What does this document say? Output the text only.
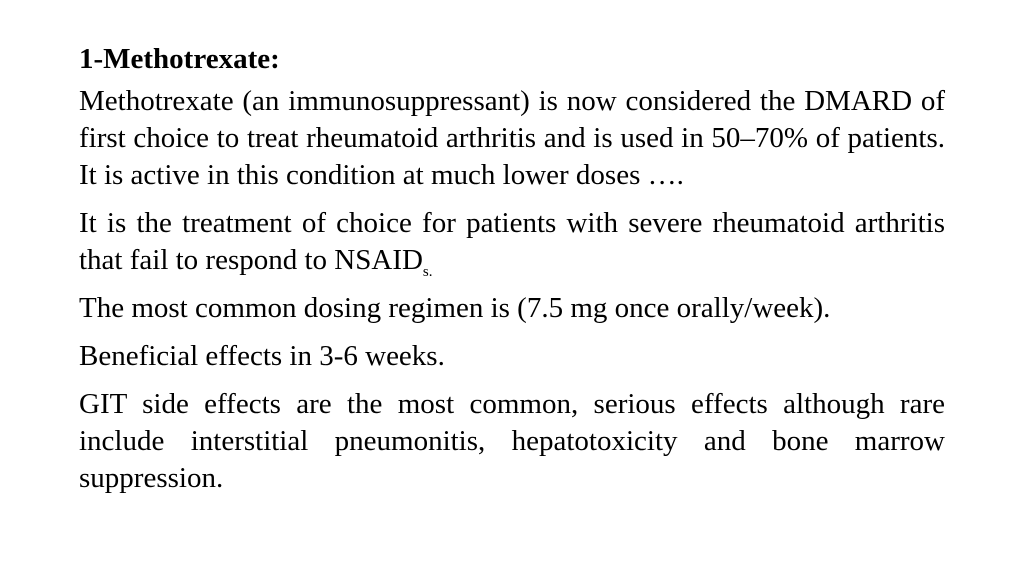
1-Methotrexate:
Methotrexate (an immunosuppressant) is now considered the DMARD of first choice to treat rheumatoid arthritis and is used in 50–70% of patients. It is active in this condition at much lower doses ….
It is the treatment of choice for patients with severe rheumatoid arthritis that fail to respond to $NSAID_{s.}$
The most common dosing regimen is (7.5 mg once orally/week).
Beneficial effects in 3-6 weeks.
GIT side effects are the most common, serious effects although rare include interstitial pneumonitis, hepatotoxicity and bone marrow suppression.
